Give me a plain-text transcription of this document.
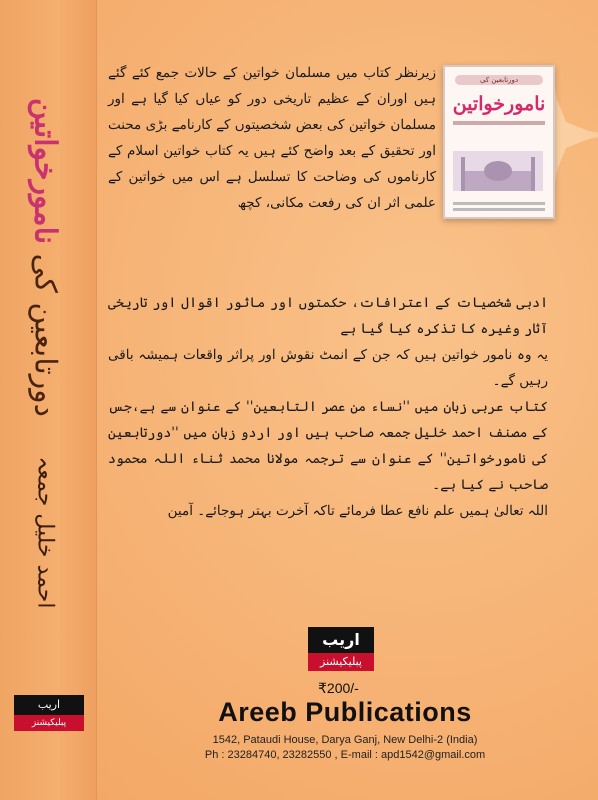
دورتابعین کی نامورخواتین
احمد خلیل جمعہ
اریب
پبلیکیشنز
دورتابعین کی
نامورخواتین

زیرنظر کتاب میں مسلمان خواتین کے حالات جمع کئے گئے ہیں اوران کے عظیم تاریخی دور کو عیاں کیا گیا ہے اور مسلمان خواتین کی بعض شخصیتوں کے کارنامے بڑی محنت اور تحقیق کے بعد واضح کئے ہیں یہ کتاب خواتین اسلام کے کارناموں کی وضاحت کا تسلسل ہے اس میں خواتین کے علمی اثر ان کی رفعت مکانی، کچھ

ادبی شخصیات کے اعترافات، حکمتوں اور ماثور اقوال اور تاریخی آثار وغیرہ کا تذکرہ کیا گیا ہے

یہ وہ نامور خواتین ہیں کہ جن کے انمٹ نقوش اور پراثر واقعات ہمیشہ باقی رہیں گے۔

کتاب عربی زبان میں ''نساء من عصر التابعین'' کے عنوان سے ہے،جس کے مصنف احمد خلیل جمعہ صاحب ہیں اور اردو زبان میں ''دورتابعین کی نامورخواتین'' کے عنوان سے ترجمہ مولانا محمد ثناء اللہ محمود صاحب نے کیا ہے۔

اللہ تعالیٰ ہمیں علم نافع عطا فرمائے تاکہ آخرت بہتر ہوجائے۔ آمین

اریب
پبلیکیشنز
₹200/-
Areeb Publications
1542, Pataudi House, Darya Ganj, New Delhi-2 (India)
Ph : 23284740, 23282550 , E-mail : apd1542@gmail.com
